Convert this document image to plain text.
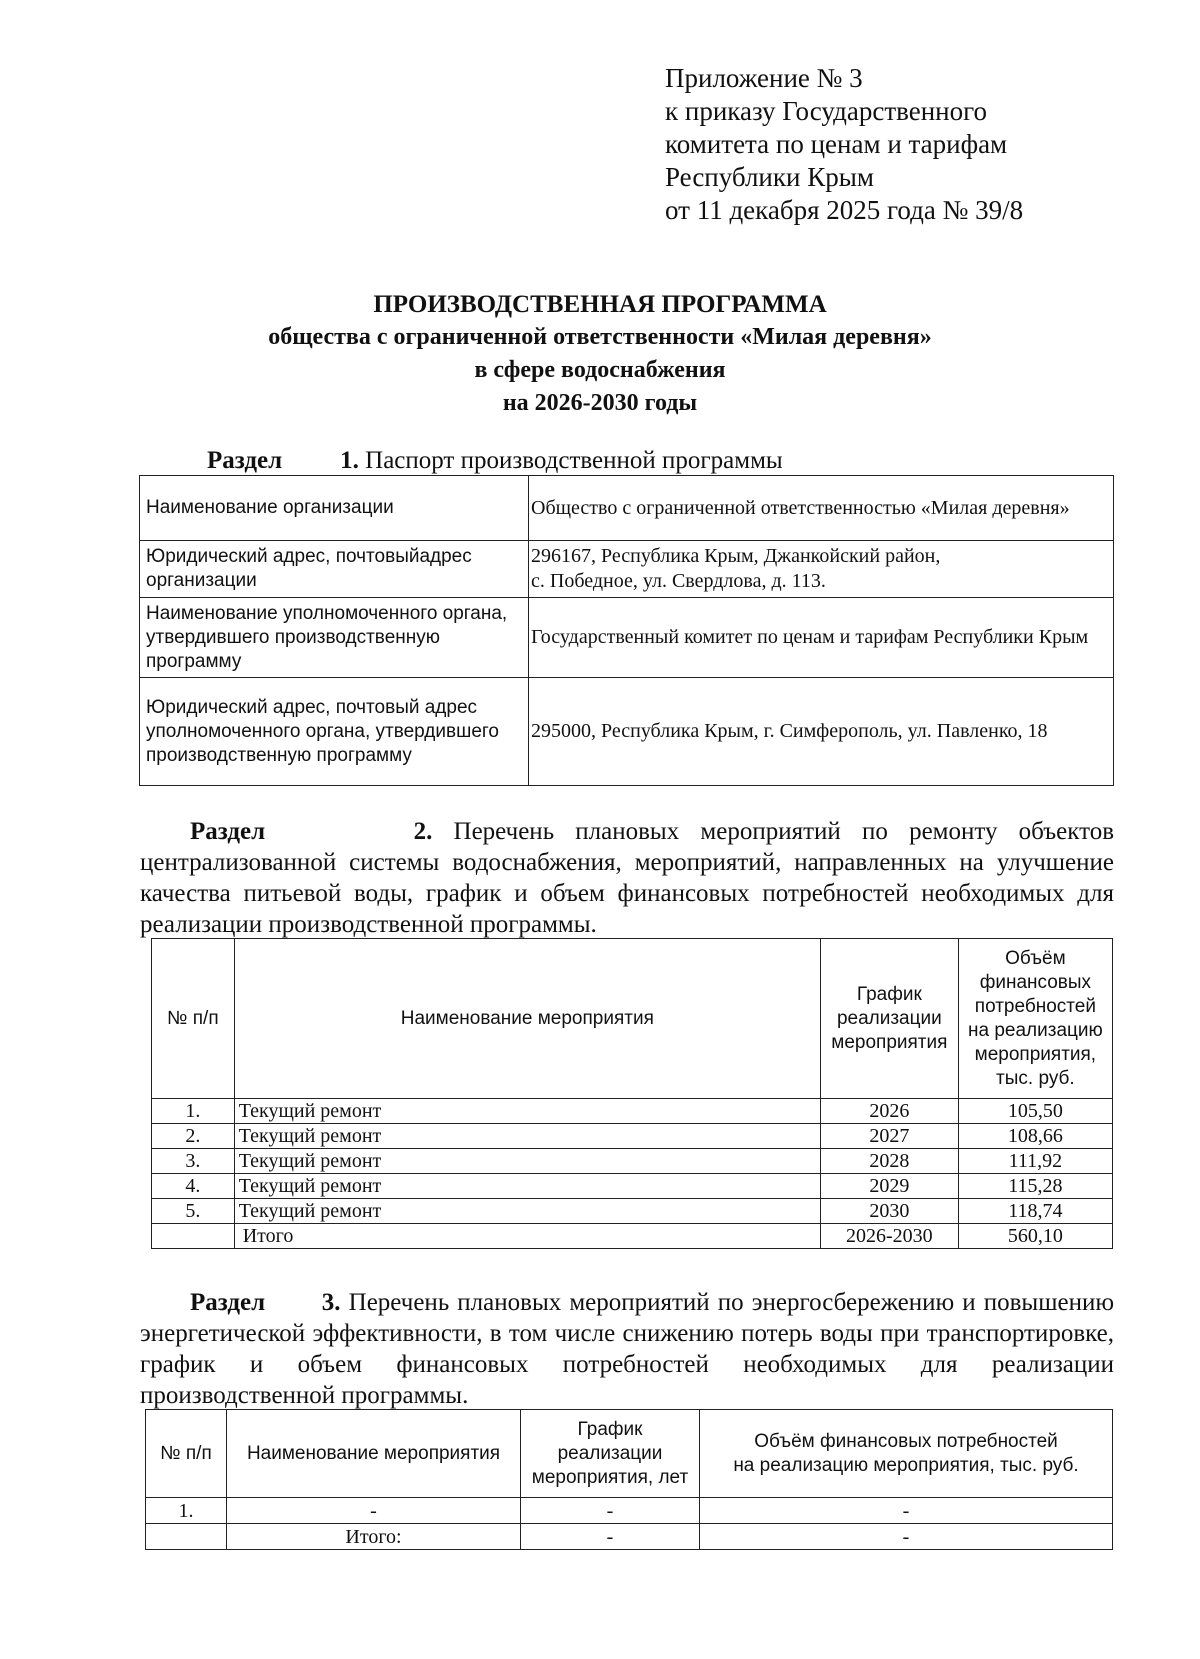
Приложение № 3
к приказу Государственного
комитета по ценам и тарифам
Республики Крым
от 11 декабря 2025 года № 39/8
ПРОИЗВОДСТВЕННАЯ ПРОГРАММА
общества с ограниченной ответственности «Милая деревня»
в сфере водоснабжения
на 2026-2030 годы
Раздел 1. Паспорт производственной программы
Наименование организации	Общество с ограниченной ответственностью «Милая деревня»
Юридический адрес, почтовыйадрес организации	296167, Республика Крым, Джанкойский район,
с. Победное, ул. Свердлова, д. 113.

Наименование уполномоченного органа, утвердившего производственную программу	Государственный комитет по ценам и тарифам Республики Крым
Юридический адрес, почтовый адрес уполномоченного органа, утвердившего производственную программу	295000, Республика Крым, г. Симферополь, ул. Павленко, 18
Раздел	2. Перечень плановых мероприятий по ремонту объектов централизованной системы водоснабжения, мероприятий, направленных на улучшение качества питьевой воды, график и объем финансовых потребностей необходимых для реализации производственной программы.
№ п/п	Наименование мероприятия	График реализации мероприятия	Объём финансовых потребностей на реализацию мероприятия, тыс. руб.
1.	Текущий ремонт	2026	105,50
2.	Текущий ремонт	2027	108,66
3.	Текущий ремонт	2028	111,92
4.	Текущий ремонт	2029	115,28
5.	Текущий ремонт	2030	118,74
	Итого	2026-2030	560,10
Раздел 3. Перечень плановых мероприятий по энергосбережению и повышению энергетической эффективности, в том числе снижению потерь воды при транспортировке, график и объем финансовых потребностей необходимых для реализации производственной программы.
№ п/п	Наименование мероприятия	График реализации мероприятия, лет	Объём финансовых потребностей
на реализацию мероприятия, тыс. руб.

1.	-	-	-
	Итого:	-	-
